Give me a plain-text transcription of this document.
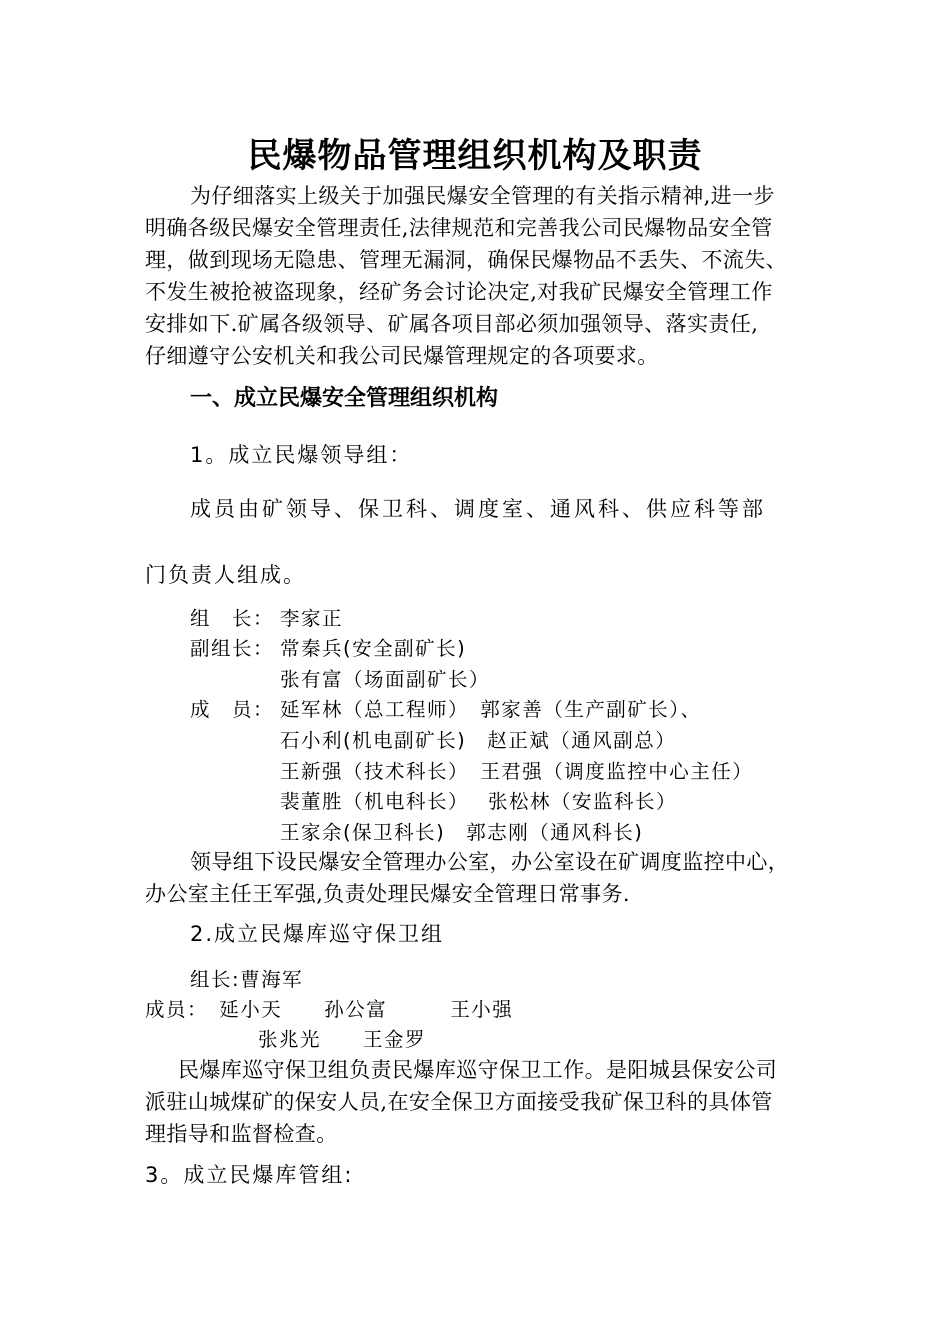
民爆物品管理组织机构及职责

为仔细落实上级关于加强民爆安全管理的有关指示精神,进一步

明确各级民爆安全管理责任,法律规范和完善我公司民爆物品安全管

理，做到现场无隐患、管理无漏洞，确保民爆物品不丢失、不流失、

不发生被抢被盗现象，经矿务会讨论决定,对我矿民爆安全管理工作

安排如下.矿属各级领导、矿属各项目部必须加强领导、落实责任,

仔细遵守公安机关和我公司民爆管理规定的各项要求。

一、成立民爆安全管理组织机构

1。成立民爆领导组：

成员由矿领导、保卫科、调度室、通风科、供应科等部

门负责人组成。

组　长： 李家正
副组长： 常秦兵(安全副矿长)
张有富（场面副矿长）
成　员： 延军林（总工程师）　郭家善（生产副矿长）、
石小利(机电副矿长)　赵正斌（通风副总）
王新强（技术科长）　王君强（调度监控中心主任）
裴董胜（机电科长）　 张松林（安监科长）
王家余(保卫科长)　郭志刚（通风科长)

领导组下设民爆安全管理办公室，办公室设在矿调度监控中心，

办公室主任王军强,负责处理民爆安全管理日常事务.

2.成立民爆库巡守保卫组

组长:曹海军

成员：　延小天　　孙公富　　　王小强

张兆光　　王金罗

民爆库巡守保卫组负责民爆库巡守保卫工作。是阳城县保安公司

派驻山城煤矿的保安人员,在安全保卫方面接受我矿保卫科的具体管

理指导和监督检查。

3。成立民爆库管组:
